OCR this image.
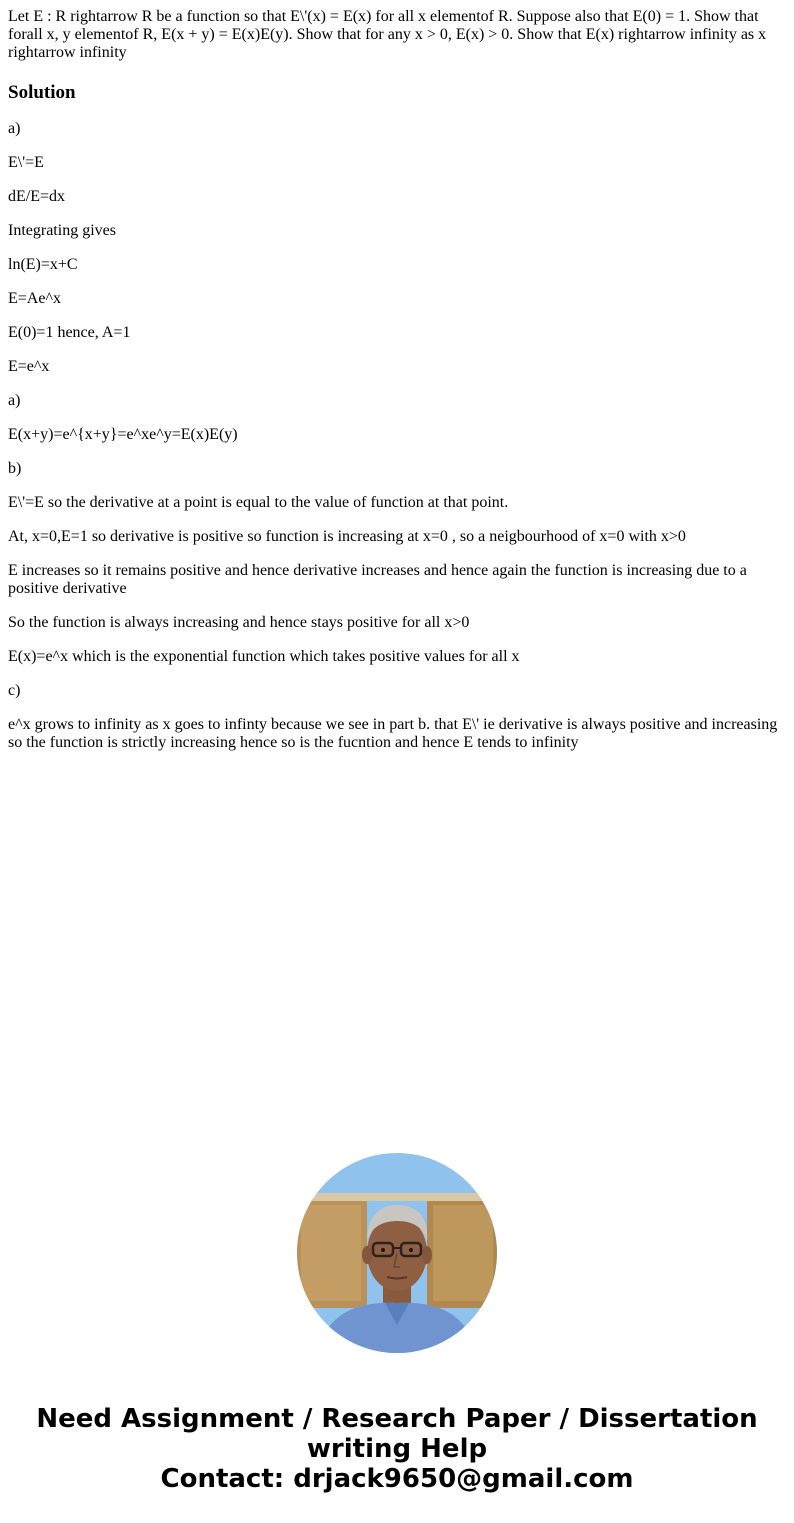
Let E : R rightarrow R be a function so that E\'(x) = E(x) for all x elementof R. Suppose also that E(0) = 1. Show that forall x, y elementof R, E(x + y) = E(x)E(y). Show that for any x > 0, E(x) > 0. Show that E(x) rightarrow infinity as x rightarrow infinity

Solution

a)

E\'=E

dE/E=dx

Integrating gives

ln(E)=x+C

E=Ae^x

E(0)=1 hence, A=1

E=e^x

a)

E(x+y)=e^{x+y}=e^xe^y=E(x)E(y)

b)

E\'=E so the derivative at a point is equal to the value of function at that point.

At, x=0,E=1 so derivative is positive so function is increasing at x=0 , so a neigbourhood of x=0 with x>0

E increases so it remains positive and hence derivative increases and hence again the function is increasing due to a positive derivative

So the function is always increasing and hence stays positive for all x>0

E(x)=e^x which is the exponential function which takes positive values for all x

c)

e^x grows to infinity as x goes to infinty because we see in part b. that E\' ie derivative is always positive and increasing so the function is strictly increasing hence so is the fucntion and hence E tends to infinity

Need Assignment / Research Paper / Dissertation
writing Help
Contact: drjack9650@gmail.com
